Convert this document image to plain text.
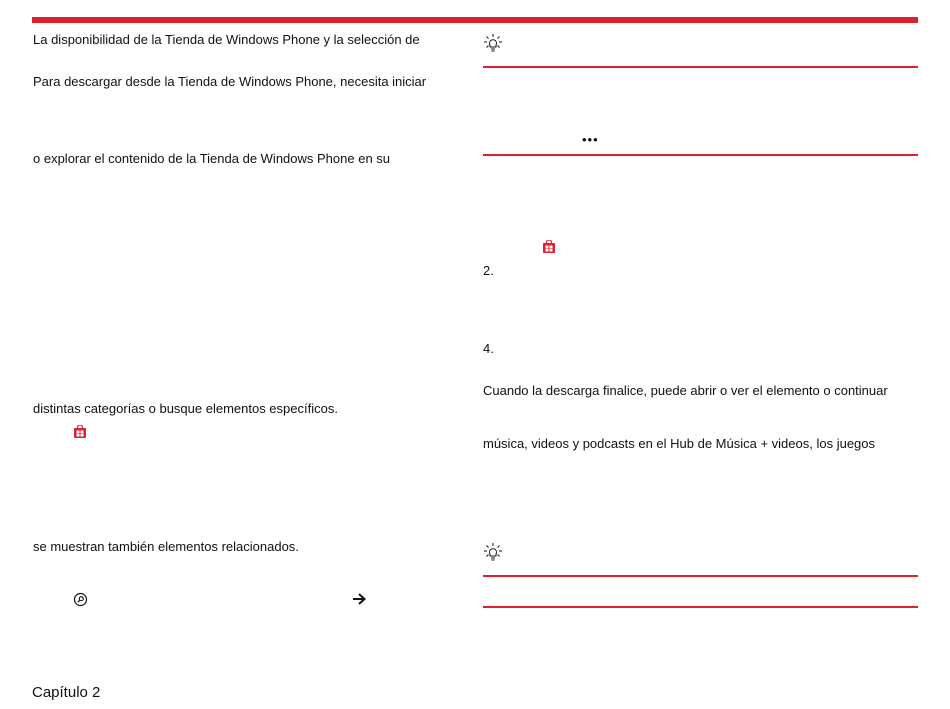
La disponibilidad de la Tienda de Windows Phone y la selección de
Para descargar desde la Tienda de Windows Phone, necesita iniciar
o explorar el contenido de la Tienda de Windows Phone en su
distintas categorías o busque elementos específicos.
se muestran también elementos relacionados.
•••
2.
4.
Cuando la descarga finalice, puede abrir o ver el elemento o continuar
música, videos y podcasts en el Hub de Música + videos, los juegos
Capítulo 2
